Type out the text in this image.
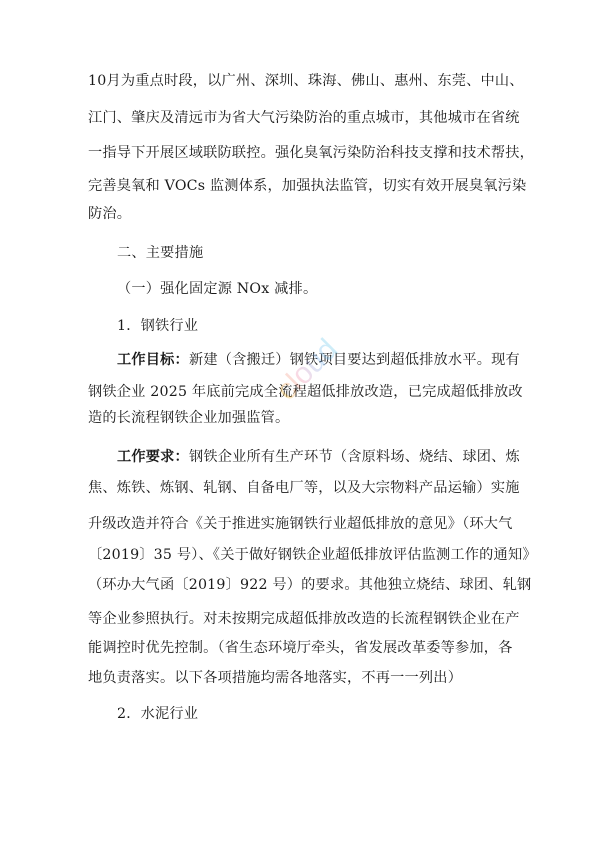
10月为重点时段，以广州、深圳、珠海、佛山、惠州、东莞、中山、
江门、肇庆及清远市为省大气污染防治的重点城市，其他城市在省统
一指导下开展区域联防联控。强化臭氧污染防治科技支撑和技术帮扶，
完善臭氧和 VOCs 监测体系，加强执法监管，切实有效开展臭氧污染
防治。
二、主要措施
（一）强化固定源 NOx 减排。
1．钢铁行业
工作目标：新建（含搬迁）钢铁项目要达到超低排放水平。现有
钢铁企业 2025 年底前完成全流程超低排放改造，已完成超低排放改
造的长流程钢铁企业加强监管。
工作要求：钢铁企业所有生产环节（含原料场、烧结、球团、炼
焦、炼铁、炼钢、轧钢、自备电厂等，以及大宗物料产品运输）实施
升级改造并符合《关于推进实施钢铁行业超低排放的意见》（环大气
〔2019〕35 号）、《关于做好钢铁企业超低排放评估监测工作的通知》
（环办大气函〔2019〕922 号）的要求。其他独立烧结、球团、轧钢
等企业参照执行。对未按期完成超低排放改造的长流程钢铁企业在产
能调控时优先控制。（省生态环境厅牵头，省发展改革委等参加，各
地负责落实。以下各项措施均需各地落实，不再一一列出）
2．水泥行业
cloud
